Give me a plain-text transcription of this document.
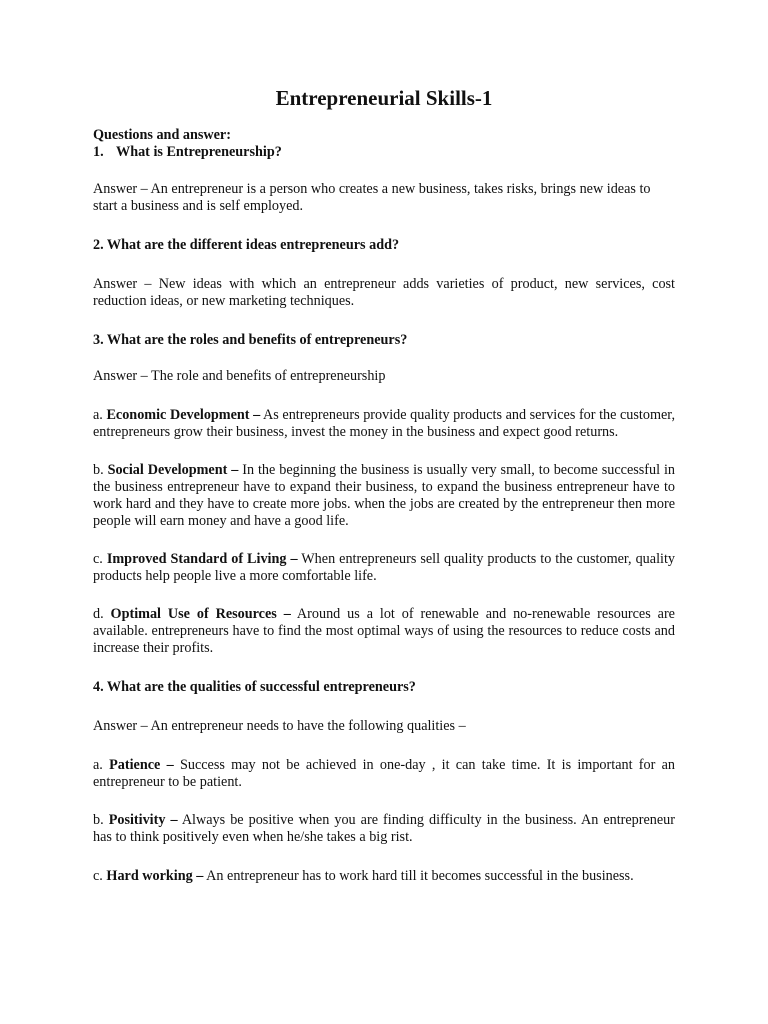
Entrepreneurial Skills-1

Questions and answer:

1. What is Entrepreneurship?

Answer – An entrepreneur is a person who creates a new business, takes risks, brings new ideas to start a business and is self employed.

2. What are the different ideas entrepreneurs add?

Answer – New ideas with which an entrepreneur adds varieties of product, new services, cost reduction ideas, or new marketing techniques.

3. What are the roles and benefits of entrepreneurs?

Answer – The role and benefits of entrepreneurship

a. Economic Development – As entrepreneurs provide quality products and services for the customer, entrepreneurs grow their business, invest the money in the business and expect good returns.

b. Social Development – In the beginning the business is usually very small, to become successful in the business entrepreneur have to expand their business, to expand the business entrepreneur have to work hard and they have to create more jobs. when the jobs are created by the entrepreneur then more people will earn money and have a good life.

c. Improved Standard of Living – When entrepreneurs sell quality products to the customer, quality products help people live a more comfortable life.

d. Optimal Use of Resources – Around us a lot of renewable and no-renewable resources are available. entrepreneurs have to find the most optimal ways of using the resources to reduce costs and increase their profits.

4. What are the qualities of successful entrepreneurs?

Answer – An entrepreneur needs to have the following qualities –

a. Patience – Success may not be achieved in one-day , it can take time. It is important for an entrepreneur to be patient.

b. Positivity – Always be positive when you are finding difficulty in the business. An entrepreneur has to think positively even when he/she takes a big rist.

c. Hard working – An entrepreneur has to work hard till it becomes successful in the business.
